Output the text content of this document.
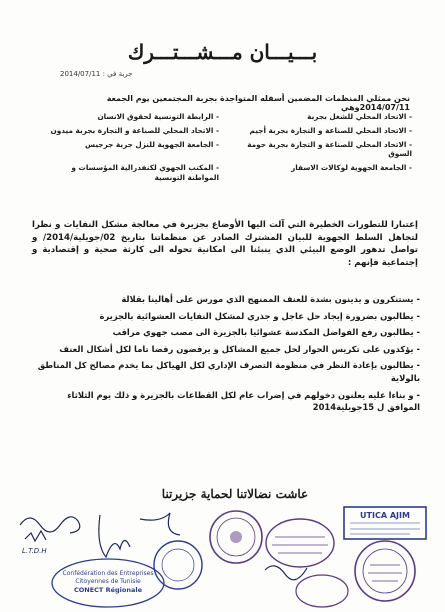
بـــيـــان مـــشـــتـــرك
جربة في : 2014/07/11
نحن ممثلي المنظمات المضمين أسفله المتواجدة بجربة المجتمعين يوم الجمعة 2014/07/11وهي
- الاتحاد المحلي للشغل بجربة
- الرابطة التونسية لحقوق الانسان
- الاتحاد المحلي للصناعة و التجارة بجربة أجيم
- الاتحاد المحلي للصناعة و التجارة بجربة ميدون
- الاتحاد المحلي للصناعة و التجارة بجربة حومة السوق
- الجامعة الجهوية للنزل جربة جرجيس
- الجامعة الجهوية لوكالات الاسفار
- المكتب الجهوي لكنفدرالية المؤسسات و المواطنة التونسية
إعتبارا للتطورات الخطيرة التي آلت اليها الأوضاع بجزيرة في معالجة مشكل النفايات و نظرا لتجاهل السلط الجهوية للبيان المشترك الصادر عن منظماتنا بتاريخ 02/جويلية/2014/ و تواصل تدهور الوضع البيئي الذي ينبئنا الى امكانية تحوله الى كارثة صحية و إقتصادية و إجتماعية فإنهم :
- يستنكرون و يدينون بشدة للعنف الممنهج الذي مورس على أهالينا بقلالة
- يطالبون بضرورة إيجاد حل عاجل و جذري لمشكل النفايات العشوائية بالجزيرة
- يطالبون رفع الفواضل المكدسة عشوائيا بالجزيرة الى مصب جهوي مراقب
- يؤكدون على تكريس الحوار لحل جميع المشاكل و يرفضون رفضا تاما لكل أشكال العنف
- يطالبون بإعادة النظر في منظومة التصرف الإداري لكل الهياكل بما يخدم مصالح كل المناطق بالولاية
- و بناءا عليه يعلنون دخولهم في إضراب عام لكل القطاعات بالجزيرة و ذلك يوم الثلاثاء الموافق ل 15جويلية2014
عاشت نضالاتنا لحماية جزيرتنا
UTICA AJIM
Confédération des Entreprises
Citoyennes de Tunisie
CONECT Régionale
L.T.D.H
